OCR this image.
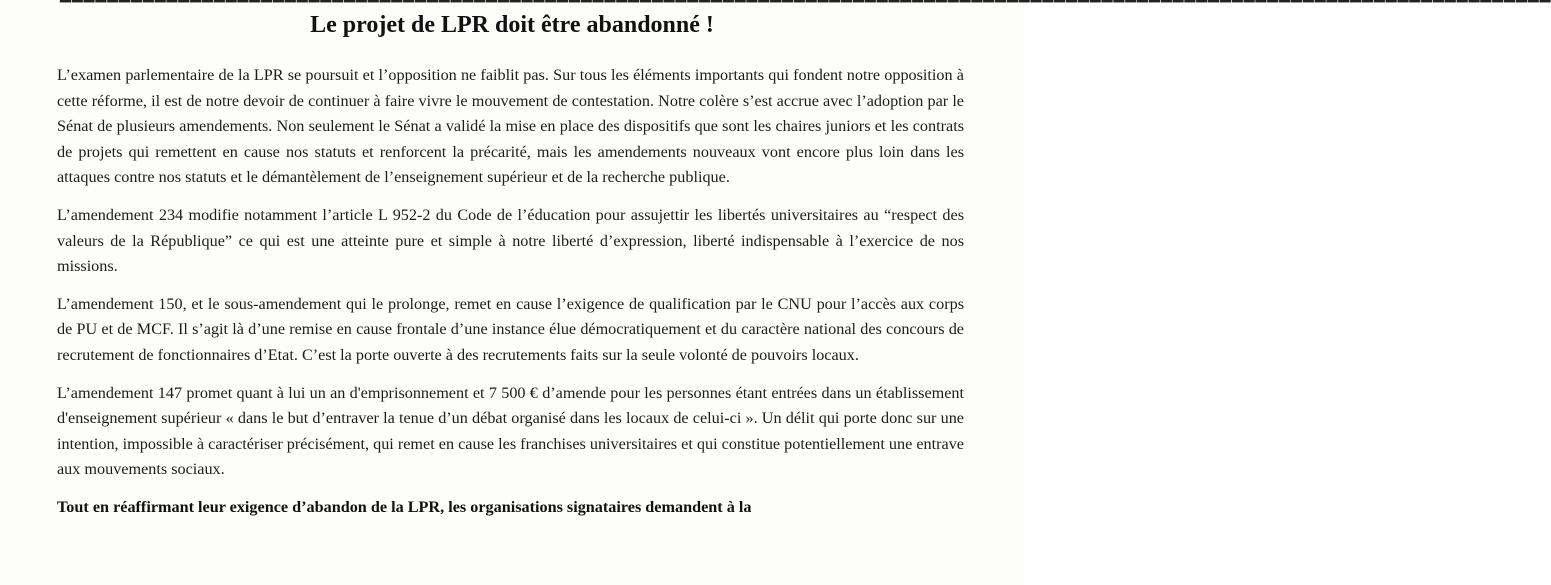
━━━━━━━━━━━━━━━━━━━━━━━━━━━━━━━━━━━━━━━━━━━━━━━━━━━━━━━━━━━━━━━━━━━━━━━━━━━━━━━━━━━━━━━━━━━━━━━━━━━━━━━━━━━━━━━━━━━━━━━━━━━━━━
Le projet de LPR doit être abandonné !

L’examen parlementaire de la LPR se poursuit et l’opposition ne faiblit pas. Sur tous les éléments importants qui fondent notre opposition à cette réforme, il est de notre devoir de continuer à faire vivre le mouvement de contestation. Notre colère s’est accrue avec l’adoption par le Sénat de plusieurs amendements. Non seulement le Sénat a validé la mise en place des dispositifs que sont les chaires juniors et les contrats de projets qui remettent en cause nos statuts et renforcent la précarité, mais les amendements nouveaux vont encore plus loin dans les attaques contre nos statuts et le démantèlement de l’enseignement supérieur et de la recherche publique.

L’amendement 234 modifie notamment l’article L 952-2 du Code de l’éducation pour assujettir les libertés universitaires au “respect des valeurs de la République” ce qui est une atteinte pure et simple à notre liberté d’expression, liberté indispensable à l’exercice de nos missions.

L’amendement 150, et le sous-amendement qui le prolonge, remet en cause l’exigence de qualification par le CNU pour l’accès aux corps de PU et de MCF. Il s’agit là d’une remise en cause frontale d’une instance élue démocratiquement et du caractère national des concours de recrutement de fonctionnaires d’Etat. C’est la porte ouverte à des recrutements faits sur la seule volonté de pouvoirs locaux.

L’amendement 147 promet quant à lui un an d'emprisonnement et 7 500 € d’amende pour les personnes étant entrées dans un établissement d'enseignement supérieur « dans le but d’entraver la tenue d’un débat organisé dans les locaux de celui-ci ». Un délit qui porte donc sur une intention, impossible à caractériser précisément, qui remet en cause les franchises universitaires et qui constitue potentiellement une entrave aux mouvements sociaux.

Tout en réaffirmant leur exigence d’abandon de la LPR, les organisations signataires demandent à la
